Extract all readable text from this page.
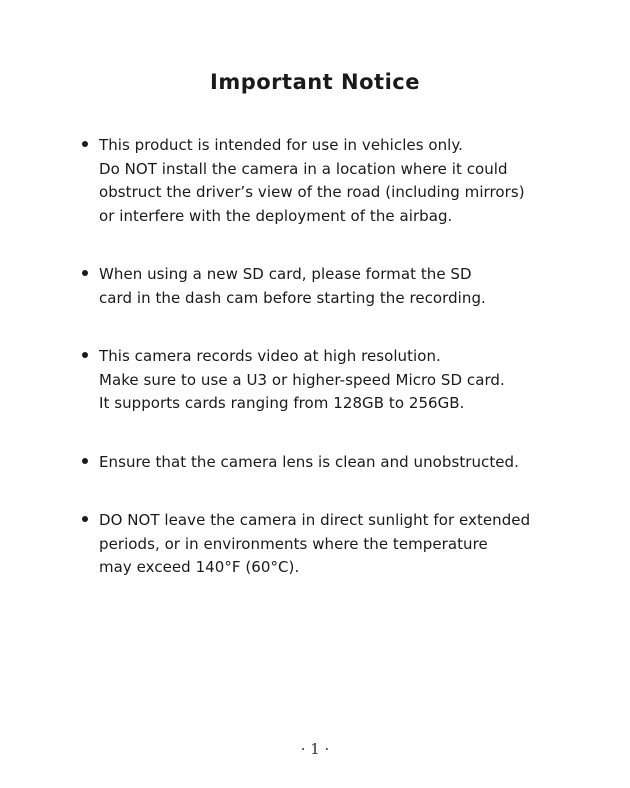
Important Notice
This product is intended for use in vehicles only.
Do NOT install the camera in a location where it could
obstruct the driver’s view of the road (including mirrors)
or interfere with the deployment of the airbag.
When using a new SD card, please format the SD
card in the dash cam before starting the recording.
This camera records video at high resolution.
Make sure to use a U3 or higher-speed Micro SD card.
It supports cards ranging from 128GB to 256GB.
Ensure that the camera lens is clean and unobstructed.
DO NOT leave the camera in direct sunlight for extended
periods, or in environments where the temperature
may exceed 140°F (60°C).

· 1 ·
